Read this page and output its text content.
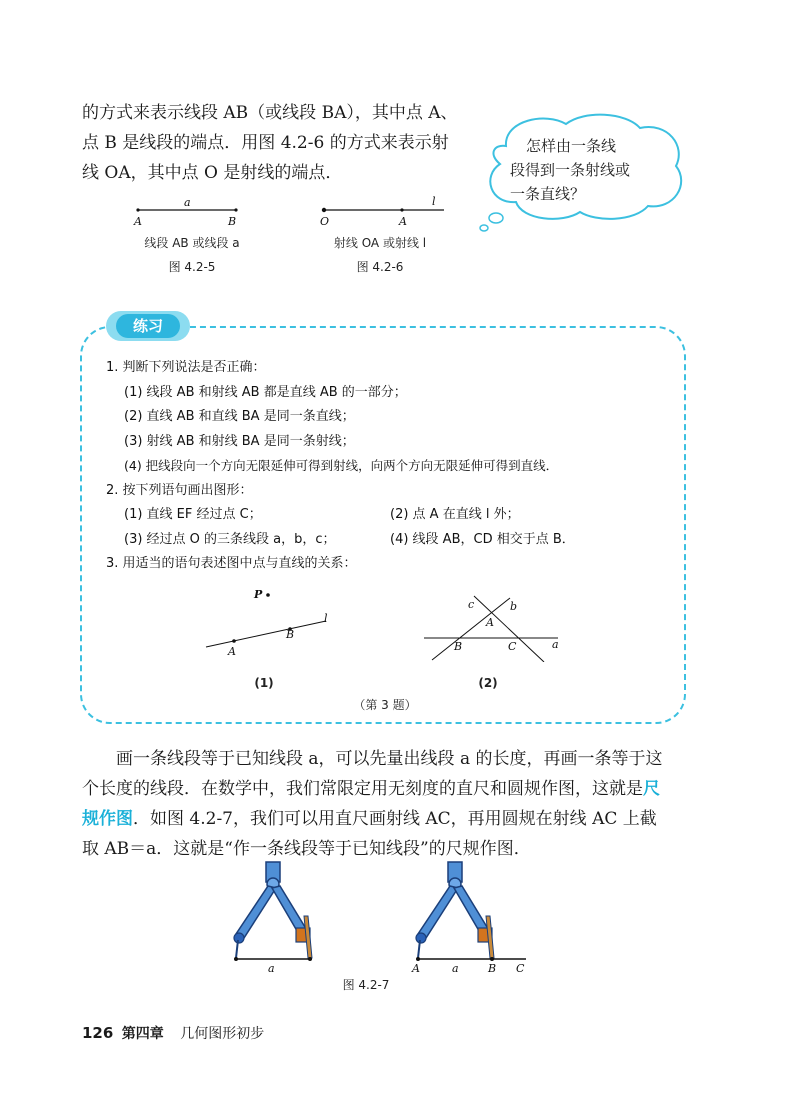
的方式来表示线段 AB（或线段 BA），其中点 A、
点 B 是线段的端点．用图 4.2-6 的方式来表示射
线 OA，其中点 O 是射线的端点．
怎样由一条线
段得到一条射线或
一条直线？
a
A	B
线段 AB 或线段 a
图 4.2-5
l
O	A
射线 OA 或射线 l
图 4.2-6
练习
1. 判断下列说法是否正确：
(1) 线段 AB 和射线 AB 都是直线 AB 的一部分；
(2) 直线 AB 和直线 BA 是同一条直线；
(3) 射线 AB 和射线 BA 是同一条射线；
(4) 把线段向一个方向无限延伸可得到射线，向两个方向无限延伸可得到直线．
2. 按下列语句画出图形：
(1) 直线 EF 经过点 C；	(2) 点 A 在直线 l 外；
(3) 经过点 O 的三条线段 a，b，c；	(4) 线段 AB，CD 相交于点 B．
3. 用适当的语句表述图中点与直线的关系：
P
A
B
l
(1)
c	b
A
B	C	a
(2)
（第 3 题）
画一条线段等于已知线段 a，可以先量出线段 a 的长度，再画一条等于这
个长度的线段．在数学中，我们常限定用无刻度的直尺和圆规作图，这就是尺
规作图．如图 4.2-7，我们可以用直尺画射线 AC，再用圆规在射线 AC 上截
取 AB＝a．这就是“作一条线段等于已知线段”的尺规作图．
a	A	a	B C
图 4.2-7
126 第四章 几何图形初步
